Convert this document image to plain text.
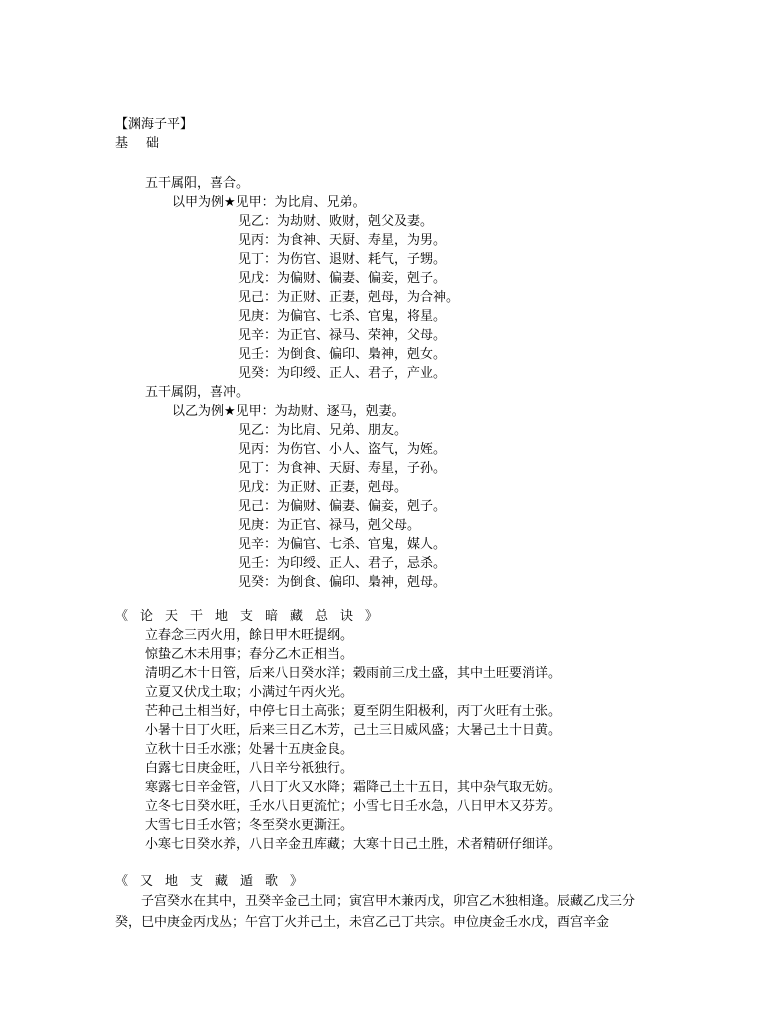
【渊海子平】
基础
五干属阳，喜合。
以甲为例★见甲：为比肩、兄弟。
见乙：为劫财、败财，剋父及妻。
见丙：为食神、天厨、寿星，为男。
见丁：为伤官、退财、耗气，子甥。
见戊：为偏财、偏妻、偏妾，剋子。
见己：为正财、正妻，剋母，为合神。
见庚：为偏官、七杀、官鬼，将星。
见辛：为正官、禄马、荣神，父母。
见壬：为倒食、偏印、梟神，剋女。
见癸：为印绶、正人、君子，产业。
五干属阴，喜冲。
以乙为例★见甲：为劫财、逐马，剋妻。
见乙：为比肩、兄弟、朋友。
见丙：为伤官、小人、盗气，为姪。
见丁：为食神、天厨、寿星，子孙。
见戊：为正财、正妻，剋母。
见己：为偏财、偏妻、偏妾，剋子。
见庚：为正官、禄马，剋父母。
见辛：为偏官、七杀、官鬼，媒人。
见壬：为印绶、正人、君子，忌杀。
见癸：为倒食、偏印、梟神，剋母。
《论天干地支暗藏总诀》
立春念三丙火用，餘日甲木旺提纲。
惊蛰乙木未用事；春分乙木正相当。
清明乙木十日管，后来八日癸水洋；榖雨前三戊土盛，其中土旺要消详。
立夏又伏戊土取；小满过午丙火光。
芒种己土相当好，中停七日土高张；夏至阴生阳极利，丙丁火旺有土张。
小暑十日丁火旺，后来三日乙木芳，己土三日威风盛；大暑己土十日黄。
立秋十日壬水涨；处暑十五庚金良。
白露七日庚金旺，八日辛兮祇独行。
寒露七日辛金管，八日丁火又水降；霜降己土十五日，其中杂气取无妨。
立冬七日癸水旺，壬水八日更流忙；小雪七日壬水急，八日甲木又芬芳。
大雪七日壬水管；冬至癸水更澌汪。
小寒七日癸水养，八日辛金丑库藏；大寒十日己土胜，术者精研仔细详。
《又地支藏遁歌》
子宫癸水在其中，丑癸辛金己土同；寅宫甲木兼丙戊，卯宫乙木独相逢。辰藏乙戊三分癸，巳中庚金丙戊丛；午宫丁火并己土，未宫乙己丁共宗。申位庚金壬水戊，酉宫辛金
